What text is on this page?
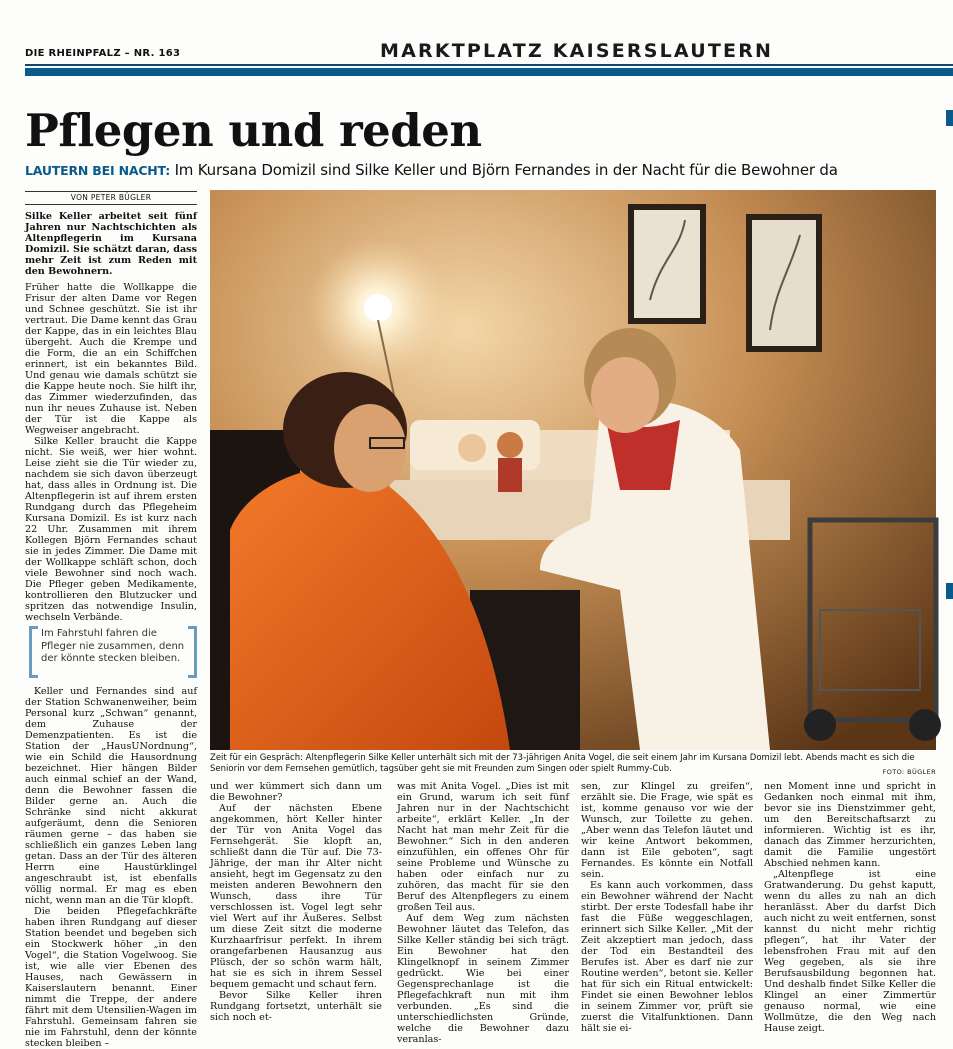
DIE RHEINPFALZ – NR. 163	MARKTPLATZ KAISERSLAUTERN
Pflegen und reden
LAUTERN BEI NACHT: Im Kursana Domizil sind Silke Keller und Björn Fernandes in der Nacht für die Bewohner da
VON PETER BÜGLER

Silke Keller arbeitet seit fünf Jahren nur Nachtschichten als Altenpflegerin im Kursana Domizil. Sie schätzt daran, dass mehr Zeit ist zum Reden mit den Bewohnern.

Früher hatte die Wollkappe die Frisur der alten Dame vor Regen und Schnee geschützt. Sie ist ihr vertraut. Die Dame kennt das Grau der Kappe, das in ein leichtes Blau übergeht. Auch die Krempe und die Form, die an ein Schiffchen erinnert, ist ein bekanntes Bild. Und genau wie damals schützt sie die Kappe heute noch. Sie hilft ihr, das Zimmer wiederzufinden, das nun ihr neues Zuhause ist. Neben der Tür ist die Kappe als Wegweiser angebracht.

Silke Keller braucht die Kappe nicht. Sie weiß, wer hier wohnt. Leise zieht sie die Tür wieder zu, nachdem sie sich davon überzeugt hat, dass alles in Ordnung ist. Die Altenpflegerin ist auf ihrem ersten Rundgang durch das Pflegeheim Kursana Domizil. Es ist kurz nach 22 Uhr. Zusammen mit ihrem Kollegen Björn Fernandes schaut sie in jedes Zimmer. Die Dame mit der Wollkappe schläft schon, doch viele Bewohner sind noch wach. Die Pfleger geben Medikamente, kontrollieren den Blutzucker und spritzen das notwendige Insulin, wechseln Verbände.

Im Fahrstuhl fahren die Pfleger nie zusammen, denn der könnte stecken bleiben.

Keller und Fernandes sind auf der Station Schwanenweiher, beim Personal kurz „Schwan“ genannt, dem Zuhause der Demenzpatienten. Es ist die Station der „HausUNordnung“, wie ein Schild die Hausordnung bezeichnet. Hier hängen Bilder auch einmal schief an der Wand, denn die Bewohner fassen die Bilder gerne an. Auch die Schränke sind nicht akkurat aufgeräumt, denn die Senioren räumen gerne – das haben sie schließlich ein ganzes Leben lang getan. Dass an der Tür des älteren Herrn eine Haustürklingel angeschraubt ist, ist ebenfalls völlig normal. Er mag es eben nicht, wenn man an die Tür klopft.

Die beiden Pflegefachkräfte haben ihren Rundgang auf dieser Station beendet und begeben sich ein Stockwerk höher „in den Vogel“, die Station Vogelwoog. Sie ist, wie alle vier Ebenen des Hauses, nach Gewässern in Kaiserslautern benannt. Einer nimmt die Treppe, der andere fährt mit dem Utensilien-Wagen im Fahrstuhl. Gemeinsam fahren sie nie im Fahrstuhl, denn der könnte stecken bleiben –

Zeit für ein Gespräch: Altenpflegerin Silke Keller unterhält sich mit der 73-jährigen Anita Vogel, die seit einem Jahr im Kursana Domizil lebt. Abends macht es sich die Seniorin vor dem Fernsehen gemütlich, tagsüber geht sie mit Freunden zum Singen oder spielt Rummy-Cub.	FOTO: BÜGLER

und wer kümmert sich dann um die Bewohner?

Auf der nächsten Ebene angekommen, hört Keller hinter der Tür von Anita Vogel das Fernsehgerät. Sie klopft an, schließt dann die Tür auf. Die 73-Jährige, der man ihr Alter nicht ansieht, hegt im Gegensatz zu den meisten anderen Bewohnern den Wunsch, dass ihre Tür verschlossen ist. Vogel legt sehr viel Wert auf ihr Äußeres. Selbst um diese Zeit sitzt die moderne Kurzhaarfrisur perfekt. In ihrem orangefarbenen Hausanzug aus Plüsch, der so schön warm hält, hat sie es sich in ihrem Sessel bequem gemacht und schaut fern.

Bevor Silke Keller ihren Rundgang fortsetzt, unterhält sie sich noch et-

was mit Anita Vogel. „Dies ist mit ein Grund, warum ich seit fünf Jahren nur in der Nachtschicht arbeite“, erklärt Keller. „In der Nacht hat man mehr Zeit für die Bewohner.“ Sich in den anderen einzufühlen, ein offenes Ohr für seine Probleme und Wünsche zu haben oder einfach nur zu zuhören, das macht für sie den Beruf des Altenpflegers zu einem großen Teil aus.

Auf dem Weg zum nächsten Bewohner läutet das Telefon, das Silke Keller ständig bei sich trägt. Ein Bewohner hat den Klingelknopf in seinem Zimmer gedrückt. Wie bei einer Gegensprechanlage ist die Pflegefachkraft nun mit ihm verbunden. „Es sind die unterschiedlichsten Gründe, welche die Bewohner dazu veranlas-

sen, zur Klingel zu greifen“, erzählt sie. Die Frage, wie spät es ist, komme genauso vor wie der Wunsch, zur Toilette zu gehen. „Aber wenn das Telefon läutet und wir keine Antwort bekommen, dann ist Eile geboten“, sagt Fernandes. Es könnte ein Notfall sein.

Es kann auch vorkommen, dass ein Bewohner während der Nacht stirbt. Der erste Todesfall habe ihr fast die Füße weggeschlagen, erinnert sich Silke Keller. „Mit der Zeit akzeptiert man jedoch, dass der Tod ein Bestandteil des Berufes ist. Aber es darf nie zur Routine werden“, betont sie. Keller hat für sich ein Ritual entwickelt: Findet sie einen Bewohner leblos in seinem Zimmer vor, prüft sie zuerst die Vitalfunktionen. Dann hält sie ei-

nen Moment inne und spricht in Gedanken noch einmal mit ihm, bevor sie ins Dienstzimmer geht, um den Bereitschaftsarzt zu informieren. Wichtig ist es ihr, danach das Zimmer herzurichten, damit die Familie ungestört Abschied nehmen kann.

„Altenpflege ist eine Gratwanderung. Du gehst kaputt, wenn du alles zu nah an dich heranlässt. Aber du darfst Dich auch nicht zu weit entfernen, sonst kannst du nicht mehr richtig pflegen“, hat ihr Vater der lebensfrohen Frau mit auf den Weg gegeben, als sie ihre Berufsausbildung begonnen hat. Und deshalb findet Silke Keller die Klingel an einer Zimmertür genauso normal, wie eine Wollmütze, die den Weg nach Hause zeigt.
